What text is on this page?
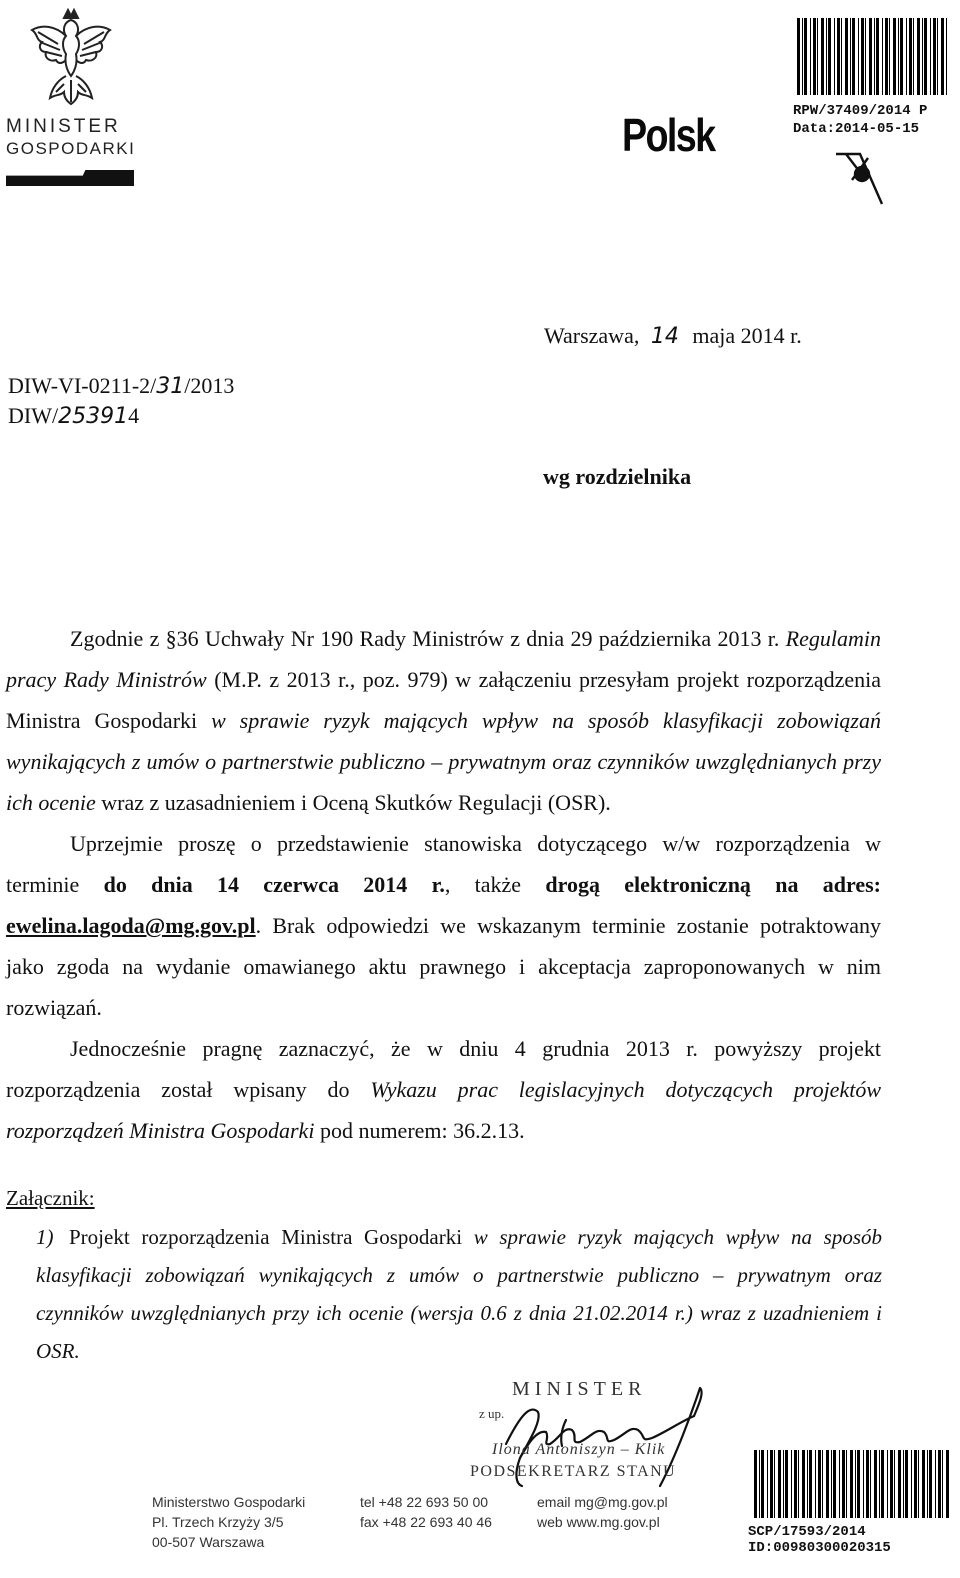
MINISTER
GOSPODARKI	Polsk	RPW/37409/2014 P
Data:2014-05-15
Warszawa, 14 maja 2014 r.
DIW-VI-0211-2/31/2013
DIW/253914
wg rozdzielnika

Zgodnie z §36 Uchwały Nr 190 Rady Ministrów z dnia 29 października 2013 r. Regulamin pracy Rady Ministrów (M.P. z 2013 r., poz. 979) w załączeniu przesyłam projekt rozporządzenia Ministra Gospodarki w sprawie ryzyk mających wpływ na sposób klasyfikacji zobowiązań wynikających z umów o partnerstwie publiczno – prywatnym oraz czynników uwzględnianych przy ich ocenie wraz z uzasadnieniem i Oceną Skutków Regulacji (OSR).

Uprzejmie proszę o przedstawienie stanowiska dotyczącego w/w rozporządzenia w terminie do dnia 14 czerwca 2014 r., także drogą elektroniczną na adres: ewelina.lagoda@mg.gov.pl. Brak odpowiedzi we wskazanym terminie zostanie potraktowany jako zgoda na wydanie omawianego aktu prawnego i akceptacja zaproponowanych w nim rozwiązań.

Jednocześnie pragnę zaznaczyć, że w dniu 4 grudnia 2013 r. powyższy projekt rozporządzenia został wpisany do Wykazu prac legislacyjnych dotyczących projektów rozporządzeń Ministra Gospodarki pod numerem: 36.2.13.

Załącznik:
1) Projekt rozporządzenia Ministra Gospodarki w sprawie ryzyk mających wpływ na sposób klasyfikacji zobowiązań wynikających z umów o partnerstwie publiczno – prywatnym oraz czynników uwzględnianych przy ich ocenie (wersja 0.6 z dnia 21.02.2014 r.) wraz z uzadnieniem i OSR.
MINISTER
z up.
Ilona Antoniszyn – Klik
PODSEKRETARZ STANU
Ministerstwo Gospodarki
Pl. Trzech Krzyży 3/5
00-507 Warszawa
tel +48 22 693 50 00
fax +48 22 693 40 46
email mg@mg.gov.pl
web www.mg.gov.pl
SCP/17593/2014
ID:00980300020315
